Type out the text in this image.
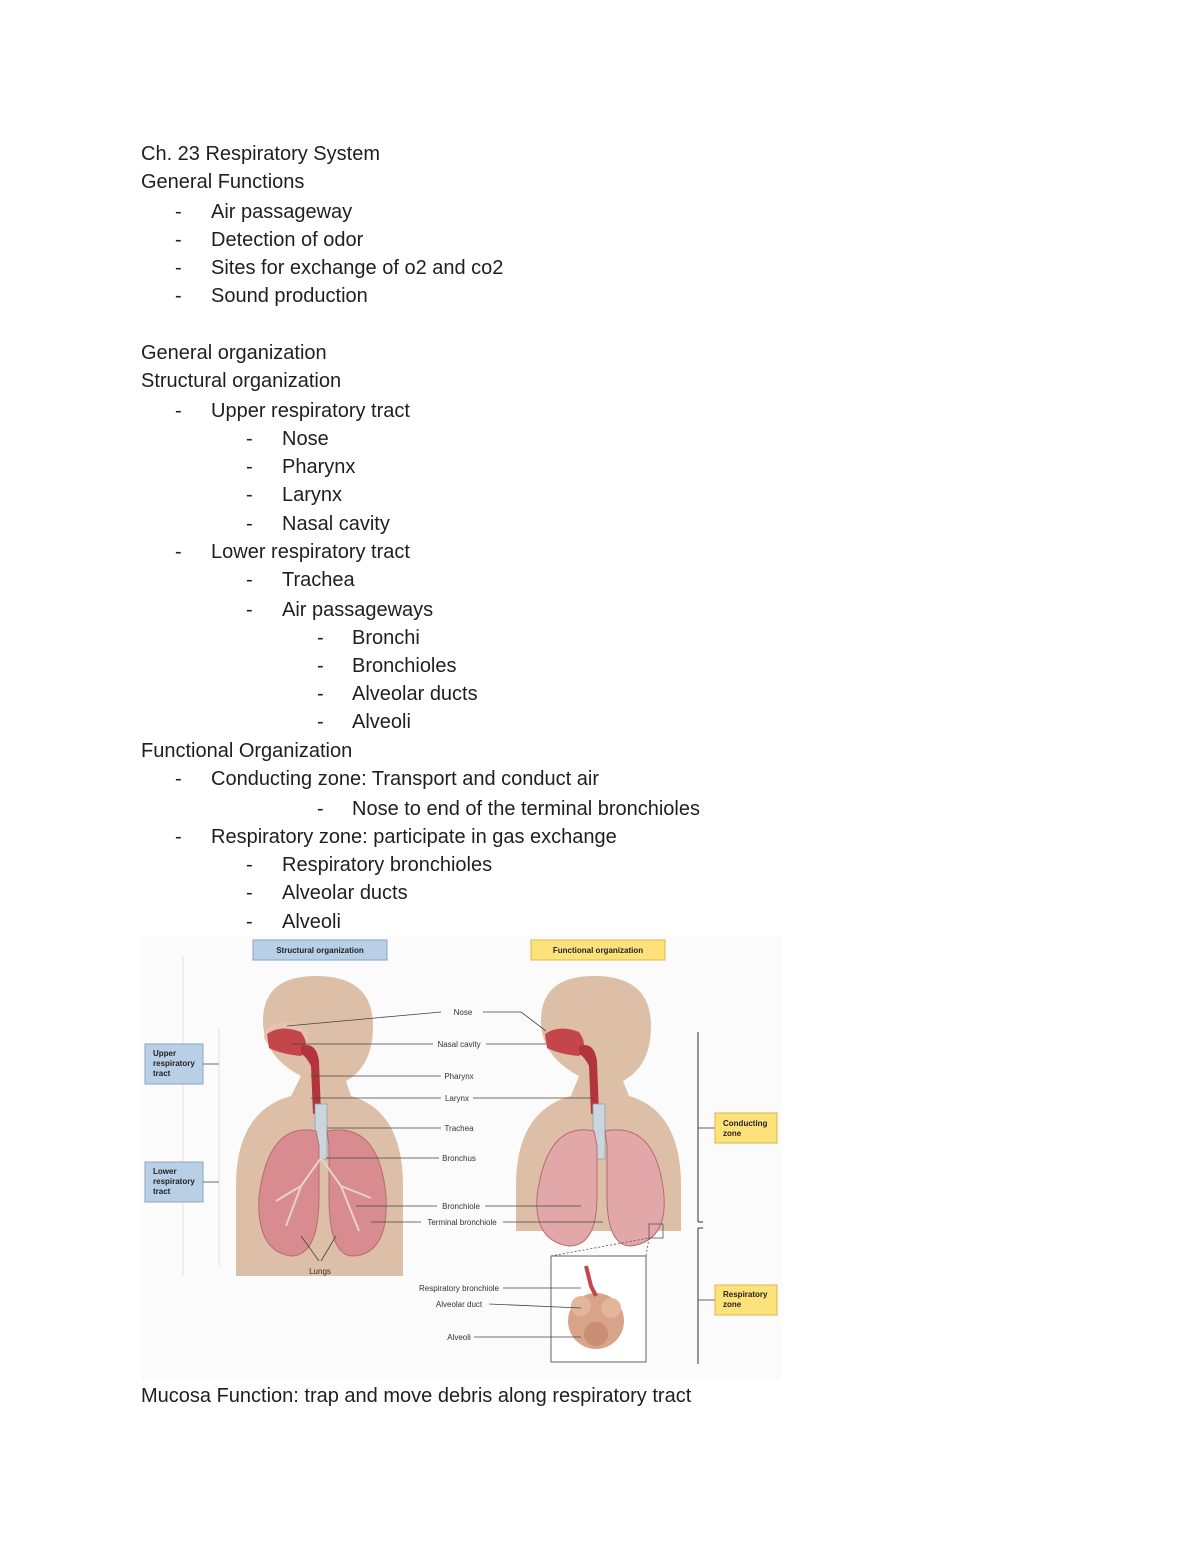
Ch. 23 Respiratory System
General Functions
- Air passageway
- Detection of odor
- Sites for exchange of o2 and co2
- Sound production
General organization
Structural organization
- Upper respiratory tract
- Nose
- Pharynx
- Larynx
- Nasal cavity
- Lower respiratory tract
- Trachea
- Air passageways
- Bronchi
- Bronchioles
- Alveolar ducts
- Alveoli
Functional Organization
- Conducting zone: Transport and conduct air
- Nose to end of the terminal bronchioles
- Respiratory zone: participate in gas exchange
- Respiratory bronchioles
- Alveolar ducts
- Alveoli
Structural organization	Functional organization
Nose
Nasal cavity
Pharynx
Larynx
Trachea
Bronchus
Bronchiole
Terminal bronchiole
Lungs
Respiratory bronchiole
Alveolar duct
Alveoli
Upper
respiratory
tract
Lower
respiratory
tract
Conducting
zone
Respiratory
zone
Mucosa Function: trap and move debris along respiratory tract
